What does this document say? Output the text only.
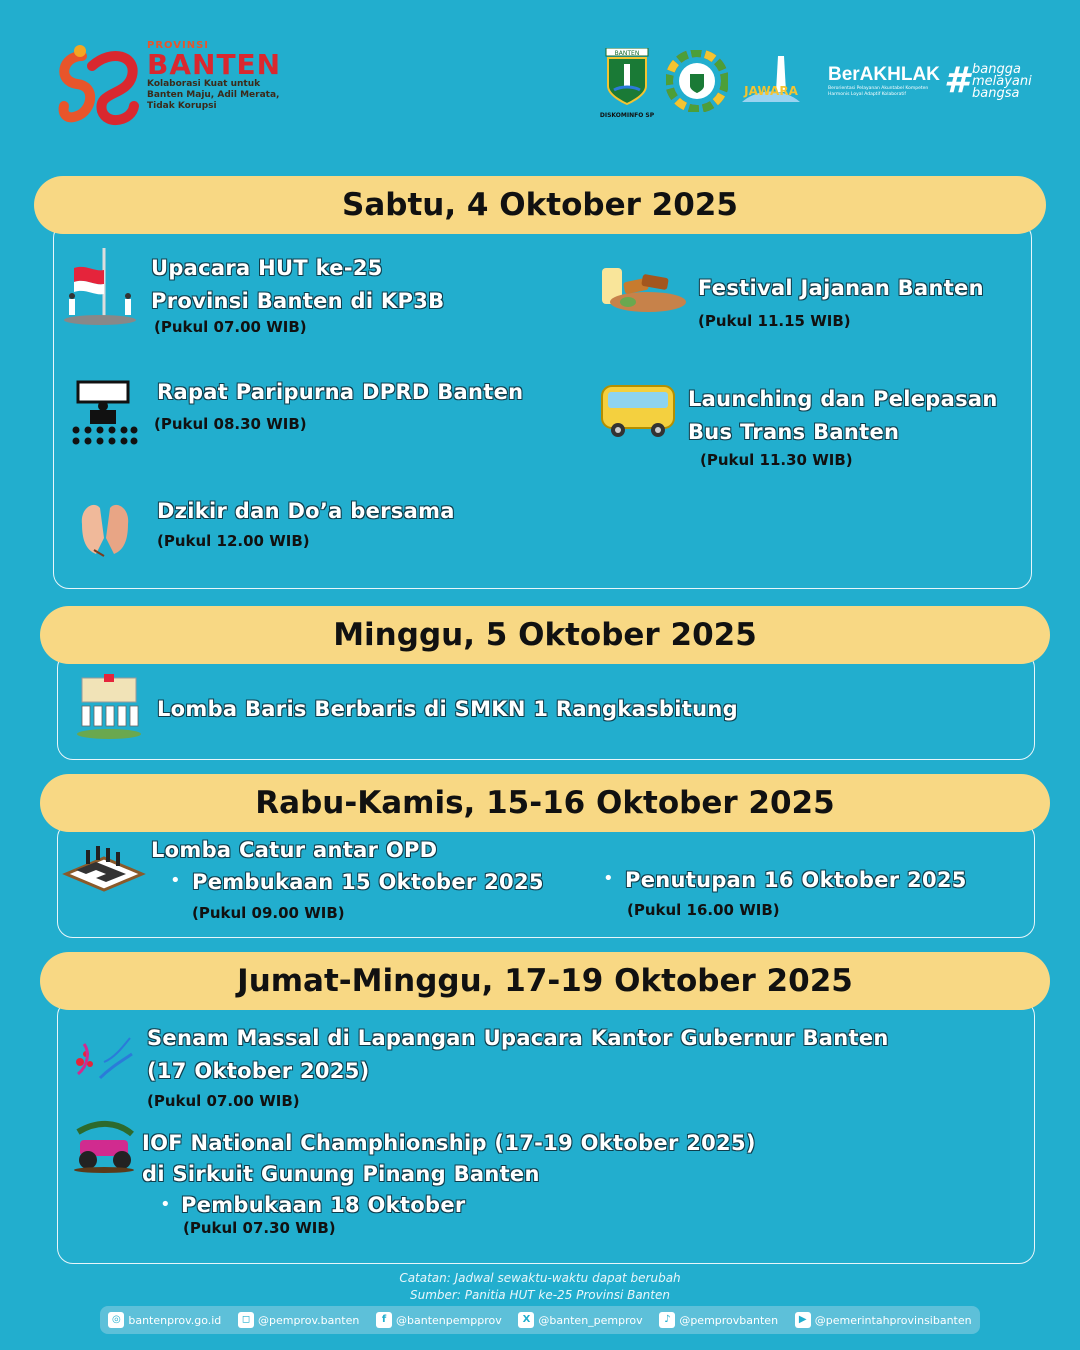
PROVINSI
BANTEN
Kolaborasi Kuat untuk Banten Maju, Adil Merata, Tidak Korupsi
BANTEN
DISKOMINFO SP
JAWARA
BerAKHLAK
Berorientasi Pelayanan Akuntabel Kompeten Harmonis Loyal Adaptif Kolaboratif	# bangga melayani bangsa
Sabtu, 4 Oktober 2025
Upacara HUT ke-25
Provinsi Banten di KP3B
(Pukul 07.00 WIB)
Rapat Paripurna DPRD Banten
(Pukul 08.30 WIB)
Dzikir dan Do’a bersama
(Pukul 12.00 WIB)
Festival Jajanan Banten
(Pukul 11.15 WIB)
Launching dan Pelepasan
Bus Trans Banten
(Pukul 11.30 WIB)
Minggu, 5 Oktober 2025
Lomba Baris Berbaris di SMKN 1 Rangkasbitung
Rabu-Kamis, 15-16 Oktober 2025
Lomba Catur antar OPD
• Pembukaan 15 Oktober 2025
(Pukul 09.00 WIB)
• Penutupan 16 Oktober 2025
(Pukul 16.00 WIB)
Jumat-Minggu, 17-19 Oktober 2025
Senam Massal di Lapangan Upacara Kantor Gubernur Banten
(17 Oktober 2025)
(Pukul 07.00 WIB)
IOF National Champhionship (17-19 Oktober 2025)
di Sirkuit Gunung Pinang Banten
• Pembukaan 18 Oktober
(Pukul 07.30 WIB)
Catatan: Jadwal sewaktu-waktu dapat berubah
Sumber: Panitia HUT ke-25 Provinsi Banten
◎ bantenprov.go.id	◻ @pemprov.banten	f @bantenpempprov	X @banten_pemprov	♪ @pemprovbanten	▶ @pemerintahprovinsibanten
